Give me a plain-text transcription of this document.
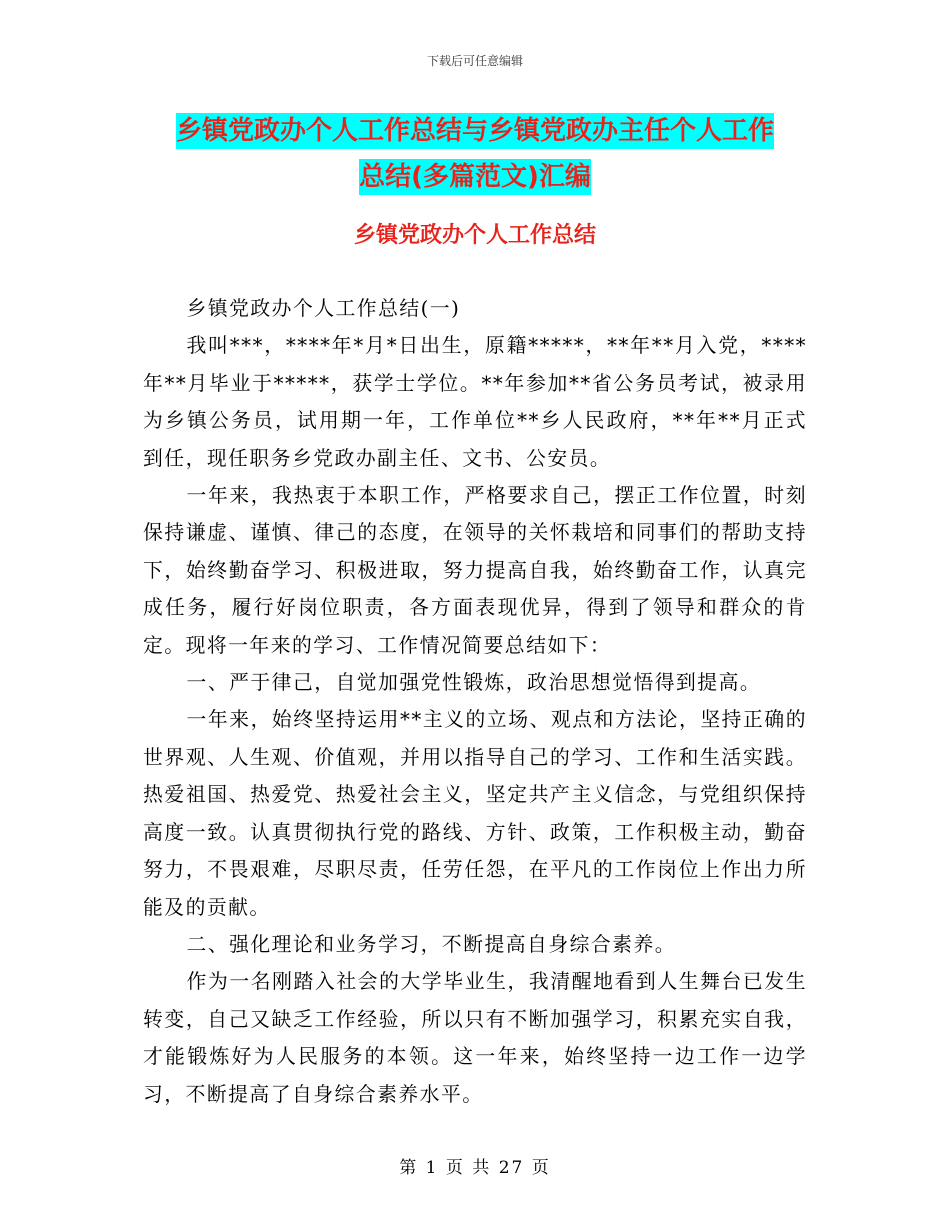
下载后可任意编辑
乡镇党政办个人工作总结与乡镇党政办主任个人工作
总结(多篇范文)汇编
乡镇党政办个人工作总结

乡镇党政办个人工作总结(一)

我叫***，****年*月*日出生，原籍*****，**年**月入党，****年**月毕业于*****，获学士学位。**年参加**省公务员考试，被录用为乡镇公务员，试用期一年，工作单位**乡人民政府，**年**月正式到任，现任职务乡党政办副主任、文书、公安员。

一年来，我热衷于本职工作，严格要求自己，摆正工作位置，时刻保持谦虚、谨慎、律己的态度，在领导的关怀栽培和同事们的帮助支持下，始终勤奋学习、积极进取，努力提高自我，始终勤奋工作，认真完成任务，履行好岗位职责，各方面表现优异，得到了领导和群众的肯定。现将一年来的学习、工作情况简要总结如下：

一、严于律己，自觉加强党性锻炼，政治思想觉悟得到提高。

一年来，始终坚持运用**主义的立场、观点和方法论，坚持正确的世界观、人生观、价值观，并用以指导自己的学习、工作和生活实践。热爱祖国、热爱党、热爱社会主义，坚定共产主义信念，与党组织保持高度一致。认真贯彻执行党的路线、方针、政策，工作积极主动，勤奋努力，不畏艰难，尽职尽责，任劳任怨，在平凡的工作岗位上作出力所能及的贡献。

二、强化理论和业务学习，不断提高自身综合素养。

作为一名刚踏入社会的大学毕业生，我清醒地看到人生舞台已发生转变，自己又缺乏工作经验，所以只有不断加强学习，积累充实自我，才能锻炼好为人民服务的本领。这一年来，始终坚持一边工作一边学习，不断提高了自身综合素养水平。

第 1 页 共 27 页
